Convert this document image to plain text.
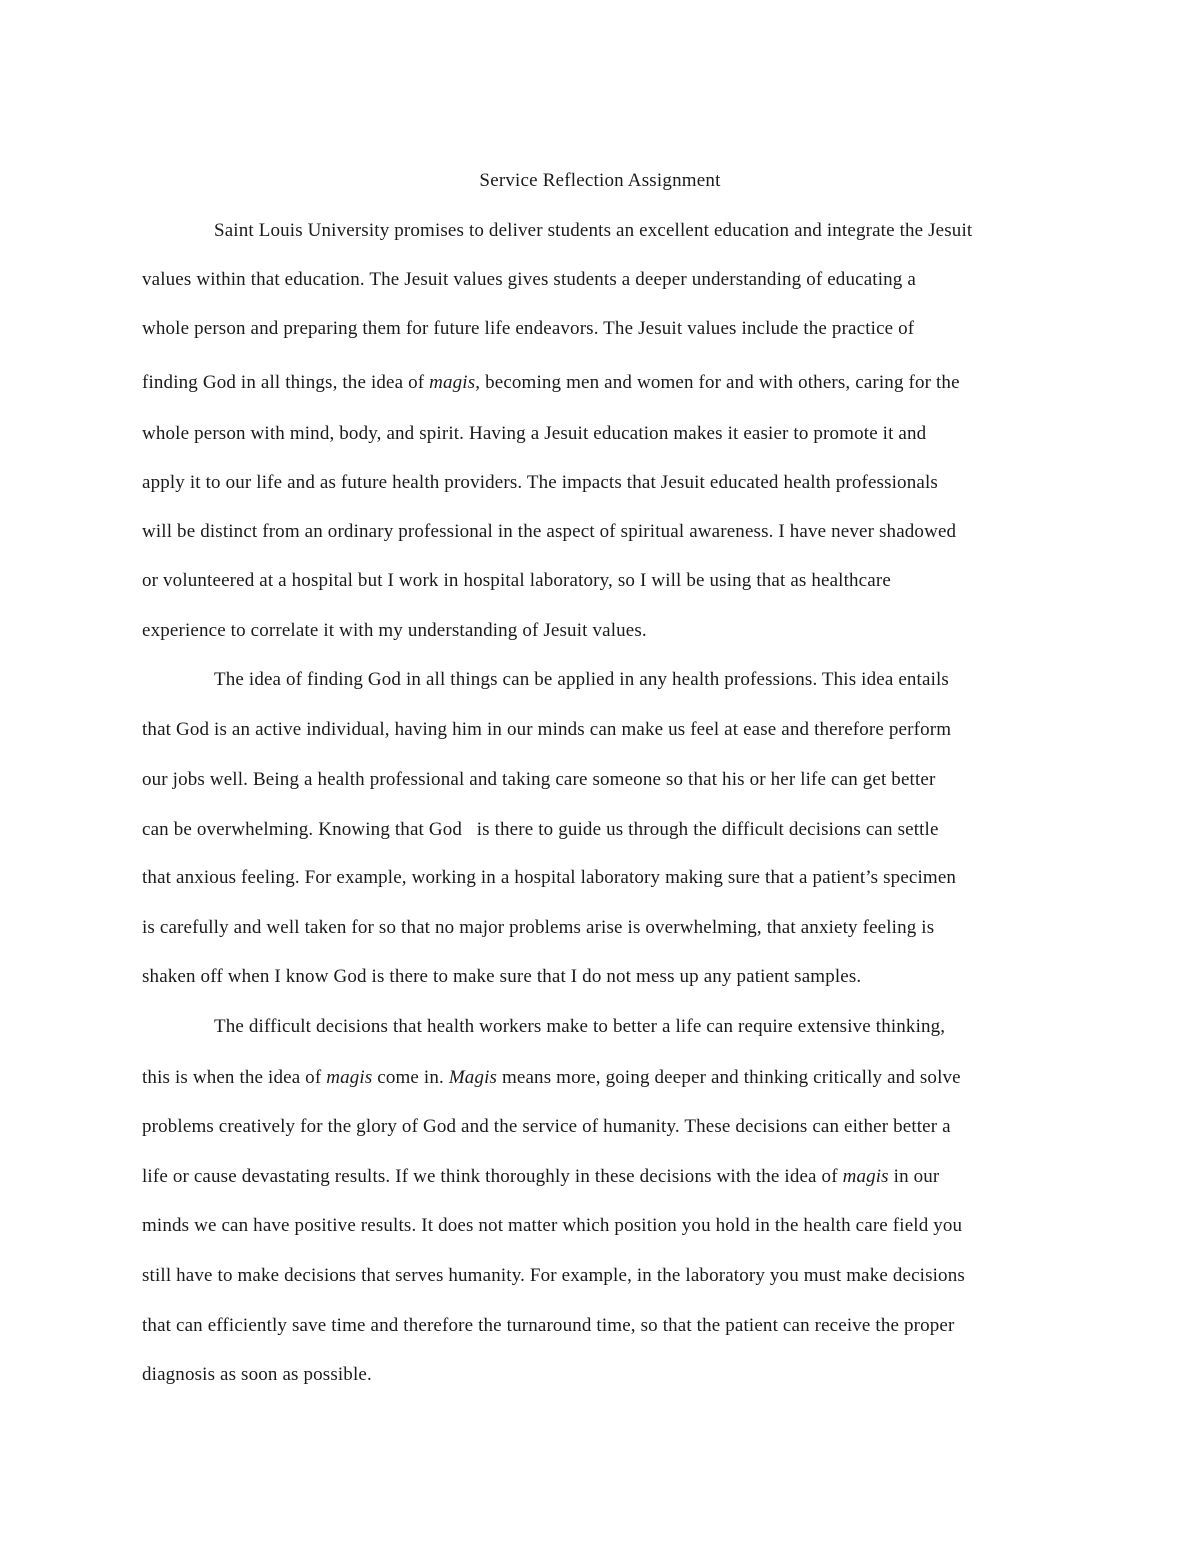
Service Reflection Assignment
Saint Louis University promises to deliver students an excellent education and integrate the Jesuit
values within that education. The Jesuit values gives students a deeper understanding of educating a
whole person and preparing them for future life endeavors. The Jesuit values include the practice of
finding God in all things, the idea of magis, becoming men and women for and with others, caring for the
whole person with mind, body, and spirit. Having a Jesuit education makes it easier to promote it and
apply it to our life and as future health providers. The impacts that Jesuit educated health professionals
will be distinct from an ordinary professional in the aspect of spiritual awareness. I have never shadowed
or volunteered at a hospital but I work in hospital laboratory, so I will be using that as healthcare
experience to correlate it with my understanding of Jesuit values.
The idea of finding God in all things can be applied in any health professions. This idea entails
that God is an active individual, having him in our minds can make us feel at ease and therefore perform
our jobs well. Being a health professional and taking care someone so that his or her life can get better
can be overwhelming. Knowing that God   is there to guide us through the difficult decisions can settle
that anxious feeling. For example, working in a hospital laboratory making sure that a patient’s specimen
is carefully and well taken for so that no major problems arise is overwhelming, that anxiety feeling is
shaken off when I know God is there to make sure that I do not mess up any patient samples.
The difficult decisions that health workers make to better a life can require extensive thinking,
this is when the idea of magis come in. Magis means more, going deeper and thinking critically and solve
problems creatively for the glory of God and the service of humanity. These decisions can either better a
life or cause devastating results. If we think thoroughly in these decisions with the idea of magis in our
minds we can have positive results. It does not matter which position you hold in the health care field you
still have to make decisions that serves humanity. For example, in the laboratory you must make decisions
that can efficiently save time and therefore the turnaround time, so that the patient can receive the proper
diagnosis as soon as possible.
